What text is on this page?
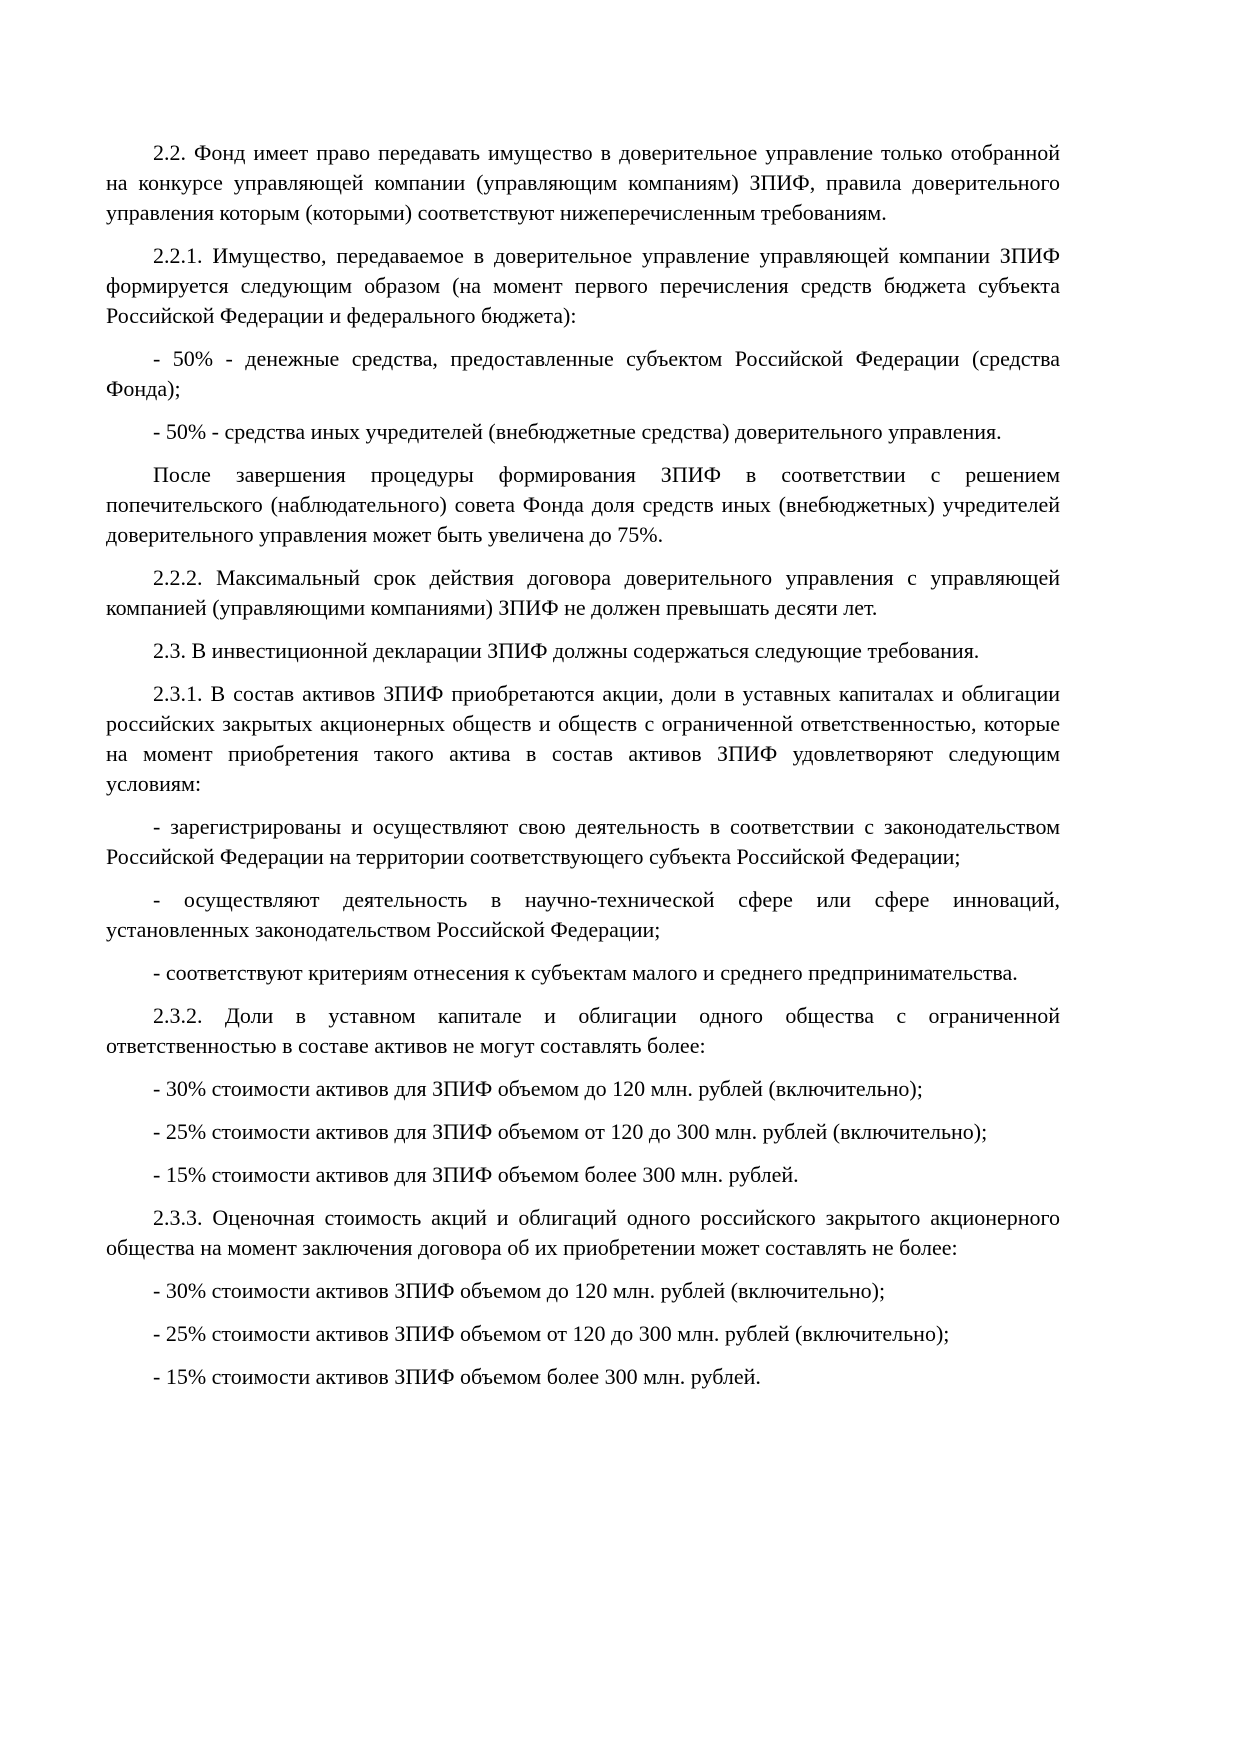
2.2. Фонд имеет право передавать имущество в доверительное управление только отобранной на конкурсе управляющей компании (управляющим компаниям) ЗПИФ, правила доверительного управления которым (которыми) соответствуют нижеперечисленным требованиям.

2.2.1. Имущество, передаваемое в доверительное управление управляющей компании ЗПИФ формируется следующим образом (на момент первого перечисления средств бюджета субъекта Российской Федерации и федерального бюджета):

- 50% - денежные средства, предоставленные субъектом Российской Федерации (средства Фонда);

- 50% - средства иных учредителей (внебюджетные средства) доверительного управления.

После завершения процедуры формирования ЗПИФ в соответствии с решением попечительского (наблюдательного) совета Фонда доля средств иных (внебюджетных) учредителей доверительного управления может быть увеличена до 75%.

2.2.2. Максимальный срок действия договора доверительного управления с управляющей компанией (управляющими компаниями) ЗПИФ не должен превышать десяти лет.

2.3. В инвестиционной декларации ЗПИФ должны содержаться следующие требования.

2.3.1. В состав активов ЗПИФ приобретаются акции, доли в уставных капиталах и облигации российских закрытых акционерных обществ и обществ с ограниченной ответственностью, которые на момент приобретения такого актива в состав активов ЗПИФ удовлетворяют следующим условиям:

- зарегистрированы и осуществляют свою деятельность в соответствии с законодательством Российской Федерации на территории соответствующего субъекта Российской Федерации;

- осуществляют деятельность в научно-технической сфере или сфере инноваций, установленных законодательством Российской Федерации;

- соответствуют критериям отнесения к субъектам малого и среднего предпринимательства.

2.3.2. Доли в уставном капитале и облигации одного общества с ограниченной ответственностью в составе активов не могут составлять более:

- 30% стоимости активов для ЗПИФ объемом до 120 млн. рублей (включительно);

- 25% стоимости активов для ЗПИФ объемом от 120 до 300 млн. рублей (включительно);

- 15% стоимости активов для ЗПИФ объемом более 300 млн. рублей.

2.3.3. Оценочная стоимость акций и облигаций одного российского закрытого акционерного общества на момент заключения договора об их приобретении может составлять не более:

- 30% стоимости активов ЗПИФ объемом до 120 млн. рублей (включительно);

- 25% стоимости активов ЗПИФ объемом от 120 до 300 млн. рублей (включительно);

- 15% стоимости активов ЗПИФ объемом более 300 млн. рублей.
